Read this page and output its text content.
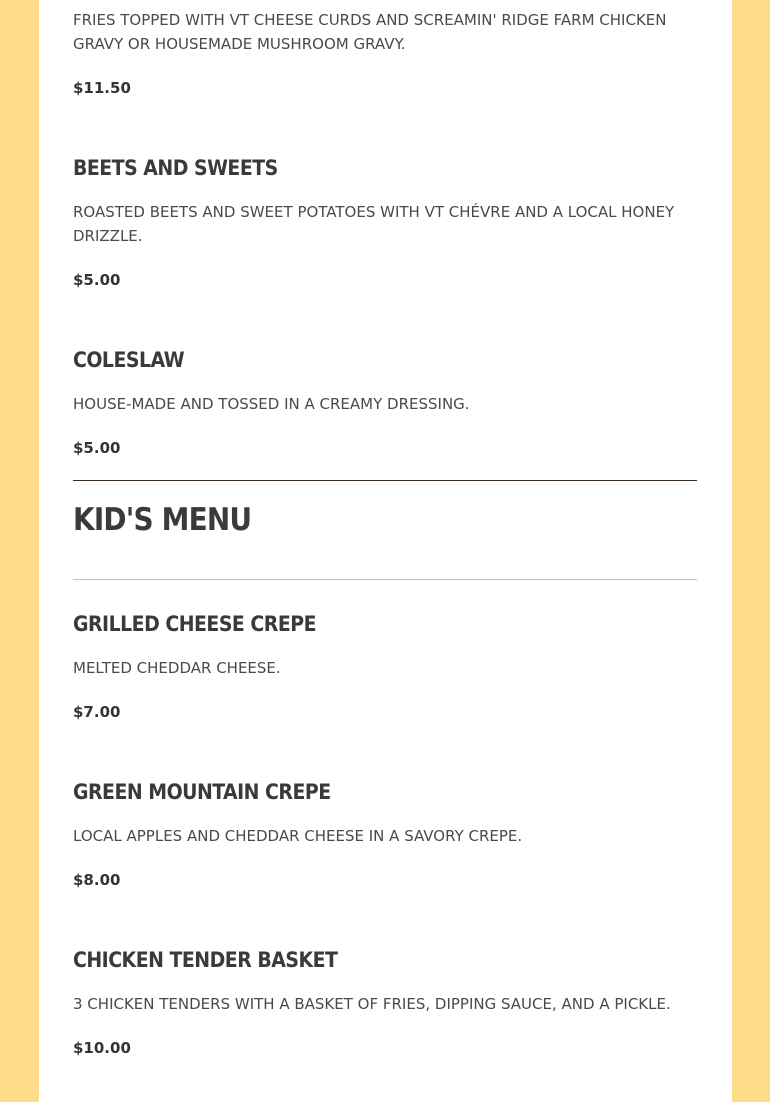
FRIES TOPPED WITH VT CHEESE CURDS AND SCREAMIN' RIDGE FARM CHICKEN GRAVY OR HOUSEMADE MUSHROOM GRAVY.

$11.50

BEETS AND SWEETS

ROASTED BEETS AND SWEET POTATOES WITH VT CHÉVRE AND A LOCAL HONEY DRIZZLE.

$5.00

COLESLAW

HOUSE-MADE AND TOSSED IN A CREAMY DRESSING.

$5.00

KID'S MENU
GRILLED CHEESE CREPE

MELTED CHEDDAR CHEESE.

$7.00

GREEN MOUNTAIN CREPE

LOCAL APPLES AND CHEDDAR CHEESE IN A SAVORY CREPE.

$8.00

CHICKEN TENDER BASKET

3 CHICKEN TENDERS WITH A BASKET OF FRIES, DIPPING SAUCE, AND A PICKLE.

$10.00
